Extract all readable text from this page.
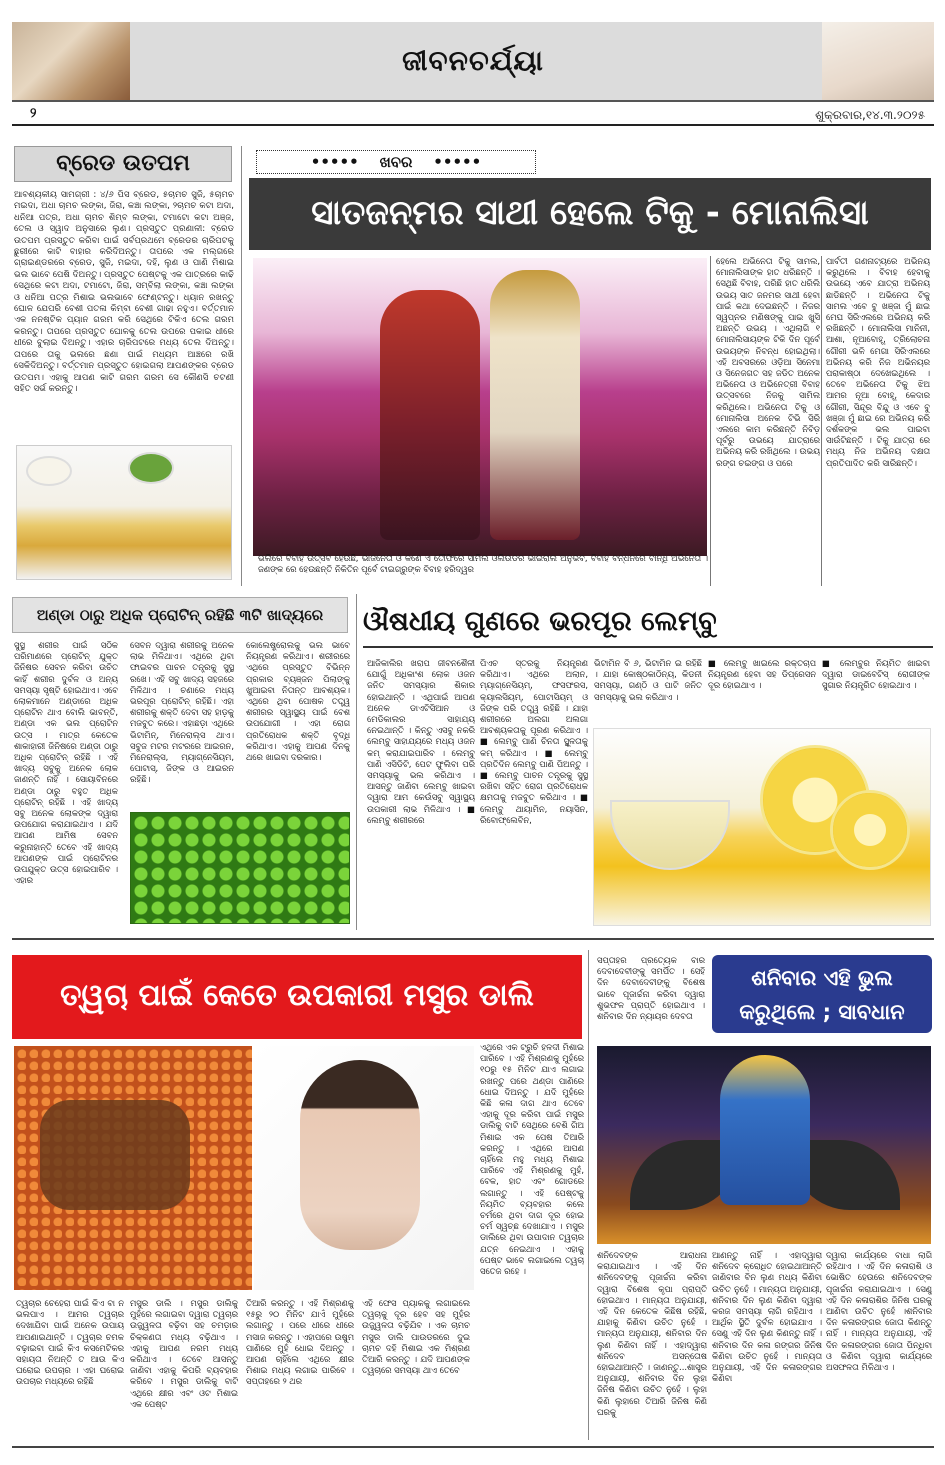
ଜୀବନଚର୍ଯ୍ୟା
୨	ଶୁକ୍ରବାର,୧୪.୩.୨୦୨୫
ବ୍ରେଡ ଉତପମ
ଆବଶ୍ୟକୀୟ ସାମଗ୍ରୀ : ୪/୬ ପିସ ବ୍ରେଡ, ୫ଚାମଚ ସୁଜି, ୫ଚାମଚ ମଇଦା, ଅଧା ଚାମଚ ଲଙ୍କା, ଜିରା, କଞ୍ଚା ଲଙ୍କା, ୨ଚାମଚ କଟା ଅଦା, ଧନିଆ ପତ୍ର, ଅଧା ଚାମଚ ଶିମ୍ବ ଲଙ୍କା, ଟମାଟୋ କଟା ଅଞ୍ଜ, ତେଲ ଓ ସ୍ୱାଦ ଅନୁସାରେ ଲୁଣ। ପ୍ରସ୍ତୁତ ପ୍ରଣାଳୀ: ବ୍ରେଡ ଉତପମ ପ୍ରସ୍ତୁତ କରିବା ପାଇଁ ସର୍ବପ୍ରଥମେ ବ୍ରେଡର ଚାରିପଟକୁ ଛୁରୀରେ କାଟି ବାହାର କରିଦିଅନ୍ତୁ। ତାପରେ ଏକ ମଲ୍ଗରେ ଗ୍ରାଇଣ୍ଡରରେ ବ୍ରେଡ, ସୁଜି, ମଇଦା, ଦହି, ଲୁଣ ଓ ପାଣି ମିଶାଇ ଭଲ ଭାବେ ପେଷି ଦିଅନ୍ତୁ। ପ୍ରସ୍ତୁତ ପେଷ୍ଟକୁ ଏକ ପାତ୍ରରେ କାଢି ସେଥିରେ କଟା ଅଦା, ଟମାଟୋ, ଜିରା, ସମ୍ବିଲା ଲଙ୍କା, କଞ୍ଚା ଲଙ୍କା ଓ ଧନିଆ ପତ୍ର ମିଶାଇ ଭଲଭାବେ ଫେଣ୍ଟନ୍ତୁ। ଧ୍ୟାନ ରଖନ୍ତୁ ଘୋଳ ଯେପରି ବେଶୀ ପତଳା କିମ୍ବା ବେଶୀ ଗାଢା ନହୁଏ। ବର୍ତ୍ତମାନ ଏକ ନନଷ୍ଟିକ ପ୍ୟାନ ଗରମ କରି ସେଥିରେ ଟିକିଏ ତେଲ ଗରମ କରନ୍ତୁ। ତାପରେ ପ୍ରସ୍ତୁତ ଘୋଳକୁ ତେଲ ଉପରେ ପକାଇ ଧୀରେ ଧୀରେ ବୁଲାଇ ଦିଅନ୍ତୁ। ଏହାର ଚାରିପଟରେ ମଧ୍ୟ ତେଲ ଦିଅନ୍ତୁ। ତାପରେ ତାକୁ ଭଲରେ ଛଣା ପାଇଁ ମଧ୍ୟମ ଆଞ୍ଚରେ ରଖି ସେକିଦିଅନ୍ତୁ। ବର୍ତ୍ତମାନ ପ୍ରସ୍ତୁତ ହୋଇଗଲା ଆପଣଙ୍କର ବ୍ରେଡ ଉତପମ। ଏହାକୁ ଆପଣ କାଟି ଗରମ ଗରମ ସେ କୌଣସି ଚଟଣୀ ସହିତ ସର୍ଭ କରନ୍ତୁ।
•••••    ଖବର    •••••
ସାତଜନ୍ମର ସାଥୀ ହେଲେ ଟିକୁ - ମୋନାଲିସା
ଭଲିରେ ବିବାହ ଉତ୍ସବ ହେଉଛି, ଭାଜନେତା ଓ କଣେ ଏ ତୌଫିରେ ସାମିଲ ଓଲିଉଡର ଭାଇରାଲ ଅନୁଭବ, ବିବାହ ବନ୍ଧନରେ ବାନ୍ଧି ଅଭିନେତା । ଜଣଙ୍କ ରେ ହେଉଛନ୍ତି ନିକିତିନ ପୂର୍ବେ ଟାଇଗ୍ରୁଙ୍କ ବିବାହ ହରିଦ୍ୱର
ହେଲେ ଅଭିନେତା ଟିକୁ ସାମଲ, ମୋନାଲିସାଙ୍କ ହାତ ଧରିଛନ୍ତି । ସେଥିଛି ବିବାହ, ପରିଛି ହାତ ଧରିଲି ଉଭୟ ସାତ ଜନମର ସାଥୀ ହେବା ପାଇଁ କଥା ଦେଇଛନ୍ତି । ନିଜର ସ୍ୱପ୍ନର ମଣିଷଙ୍କୁ ପାଇ ଖୁସି ଅଛନ୍ତି ଉଭୟ । ଏଥିଲାଗି ୧ ମୋନାଲିସାୟଙ୍କ ଟିକି ଦିନ ପୂର୍ବେ ଉଭୟଙ୍କ ନିବନ୍ଧ ହୋଇଥିଲା। ଏହି ଅବସରରେ ଓଡ଼ିଆ ସିନେମା ଓ ସିନେଜଗତ ସହ ଜଡିତ ଅନେକ ଅଭିନେତା ଓ ଅଭିନେତ୍ରୀ ବିବାହ ଉତ୍ସବରେ ନିଜକୁ ସାମିଲ କରିଥିଲେ। ଅଭିନେତା ଟିକୁ ଓ ମୋନାଲିସା ଅନେକ ଟିଭି ସିରି ଏଲରେ କାମ କରିଛନ୍ତି ନିବିଡ଼ ପୂର୍ବରୁ ଉଭୟେ ଯାତ୍ରାରେ ଅଭିନୟ କରି ରଖିଥିଲେ । ଉଭୟ ରଙ୍ଗ ଚଇଙ୍ଗ ଓ ପରେ
ପାର୍ବତୀ ଗଣନାଟ୍ୟରେ ଅଭିନୟ କରୁଥିଲେ । ବିବାହ ହେବାକୁ ଉଭୟେ ଏବେ ଯାତ୍ରା ଅଭିନୟ ଛାଡିଛନ୍ତି । ଅଭିନେତା ଟିକୁ ସାମଲ ଏବେ ବୁ ଖଞ୍ଜା ମୁଁ ଛାଇ ମେଘ ସିରିଏଲରେ ଅଭିନୟ କରି ରଖିଛନ୍ତି । ମୋନାଲିସା ମାନିନୀ, ଆଶା, ନୂଆବୋହୂ, ତ୍ରିଲୋଚନା ଗୌରୀ ଭଳି ମେଗା ସିରିଏଲରେ ଅଭିନୟ କରି ନିଜ ଅଭିନୟର ପରାକାଷ୍ଠା ଦେଖେଇଥିଲେ । ତେବେ ଅଭିନେତା ଟିକୁ ଝିଅ ଆମର ନୂଆ ବୋହୂ, କେଦାର ଗୌରୀ, ସିନ୍ଦୂର ବିନ୍ଦୁ ଓ ଏବେ ବୁ ଖଞ୍ଜା ମୁଁ ଛାଇ ରେ ଅଭିନୟ କରି ଦର୍ଶକଙ୍କ ଭଲ ପାଇବା ସାଉଁଟିଛନ୍ତି । ଟିକୁ ଯାତ୍ରା ରେ ମଧ୍ୟ ନିଜ ଅଭିନୟ ଦକ୍ଷତା ପ୍ରତିପାଦିତ କରି ସାରିଛନ୍ତି।
ଅଣ୍ଡା ଠାରୁ ଅଧିକ ପ୍ରୋଟିନ୍ ରହିଛି ୩ଟି ଖାଦ୍ୟରେ
ସୁସ୍ଥ ଶରୀର ପାଇଁ ସଠିକ ପରିମାଣରେ ପ୍ରୋଟିନ୍ ଯୁକ୍ତ ଜିନିଷର ସେବନ କରିବା ଉଚିତ କାହିଁ ଶରୀର ଦୁର୍ବଳ ଓ ଅନ୍ୟ ସମସ୍ୟା ସୃଷ୍ଟି ହୋଇଥାଏ। ଏବେ ଲୋକମାନେ ଅଣ୍ଡାରେ ଅଧିକ ପ୍ରୋଟିନ ଥାଏ ବୋଲି ଭାବନ୍ତି, ଅଣ୍ଡା ଏକ ଭଲ ପ୍ରୋଟିନ ଉତ୍ସ । ମାତ୍ର କେତେକ ଶାକାହାରୀ ଜିନିଷରେ ଅଣ୍ଡା ଠାରୁ ଅଧିକ ପ୍ରୋଟିନ୍ ରହିଛି । ଏହି ଖାଦ୍ୟ ସବୁକୁ ଅନେକ ଲୋକ ଜାଣନ୍ତି ନାହିଁ । ସୋୟାବିନରେ ଅଣ୍ଡା ଠାରୁ ବହୁତ ଅଧିକ ପ୍ରୋଟିନ୍ ରହିଛି । ଏହି ଖାଦ୍ୟ ସବୁ ଅନେକ ଲୋକଙ୍କ ଦ୍ୱାରା ଉପଯୋଗ କରାଯାଇଥାଏ । ଯଦି ଆପଣ ଆମିଷ ସେବନ କରୁନାହାନ୍ତି ତେବେ ଏହି ଖାଦ୍ୟ ଆପଣଙ୍କ ପାଇଁ ପ୍ରୋଟିନର ଉପଯୁକ୍ତ ଉତ୍ସ ହୋଇପାରିବ । ଏହାର
ସେବନ ଦ୍ୱାରା ଶରୀରକୁ ଅନେକ ଲାଭ ମିଳିଥାଏ। ଏଥିରେ ଥିବା ଫାଇବର ପାଚନ ତନ୍ତ୍ରକୁ ସୁସ୍ଥ ରଖେ। ଏହି ସବୁ ଖାଦ୍ୟ ସହଜରେ ମିଳିଥାଏ । ଚଣାରେ ମଧ୍ୟ ଭରପୂର ପ୍ରୋଟିନ୍ ରହିଛି। ଏହା ଶରୀରକୁ ଶକ୍ତି ଦେବା ସହ ହାଡ଼କୁ ମଜବୁତ କରେ। ଏହାଛଡ଼ା ଏଥିରେ ଭିଟାମିନ୍, ମିନେରାଲ୍ସ ଥାଏ। ସବୁଜ ମଟର ମଟରରେ ଆଇରନ, ମିନେରାଲ୍ସ, ମ୍ୟାଗ୍ନେସିୟମ, ପୋଟାସ୍, ଜିଙ୍କ ଓ ଆଇରନ ରହିଛି।
କୋଲେଷ୍ଟ୍ରୋଲକୁ ଭଲ ଭାବେ ନିୟନ୍ତ୍ରଣ କରିଥାଏ। ଶରୀରରେ ଏଥିରେ ପ୍ରସ୍ତୁତ ବିଭିନ୍ନ ପ୍ରକାର ବ୍ୟଞ୍ଜନ ପିଲାଙ୍କୁ ଖୁଆଇବା ନିତାନ୍ତ ଆବଶ୍ୟକ। ଏଥିରେ ଥିବା ପୋଷକ ତତ୍ତ୍ୱ ଶରୀରର ସ୍ୱାସ୍ଥ୍ୟ ପାଇଁ ବେଶ ଉପଯୋଗୀ । ଏହା ରୋଗ ପ୍ରତିରୋଧକ ଶକ୍ତି ବୃଦ୍ଧି କରିଥାଏ। ଏହାକୁ ଆପଣ ଦିନକୁ ଥରେ ଖାଇବା ଦରକାର।
ଔଷଧୀୟ ଗୁଣରେ ଭରପୂର ଲେମ୍ବୁ
ଆଜିକାଲିର ଖରାପ ଜୀବନଶୈଳୀ ଯୋଗୁଁ ଅଧିକାଂଶ ଲୋକ ଓଜନ ଜନିତ ସମସ୍ୟାର ଶିକାର ହୋଇଥାନ୍ତି । ଏଥିପାଇଁ ଆପଣ ଅନେକ ଡାଏଟିସିଆନ ଓ ମେଡିକାଲର ସାହାଯ୍ୟ ନେଇଥାନ୍ତି । କିନ୍ତୁ ଏସବୁ ନକରି ଲେମ୍ବୁ ସାହାଯ୍ୟରେ ମଧ୍ୟ ଓଜନ କମ୍ କରାଯାଇପାରିବ । ଲେମ୍ବୁ ପାଣି ଏସିଡିଟି, ପେଟ ଫୁଲିବା ପରି ସମସ୍ୟାକୁ ଭଲ କରିଥାଏ । ଆସନ୍ତୁ ଜାଣିବା ଲେମ୍ବୁ ଖାଇବା ଦ୍ୱାରା ଆମ କେଉଁସବୁ ସ୍ୱାସ୍ଥ୍ୟ ଉପକାରୀ ଲାଭ ମିଳିଥାଏ । ■ ଲେମ୍ବୁ ଶରୀରରେ
ପିଏଚ ସ୍ତରକୁ ନିୟନ୍ତ୍ରଣ କରିଥାଏ। ଏଥିରେ ଅଲାନ, ମ୍ୟାଗ୍ନେସିୟମ୍, ଫସଫରସ, କ୍ୟାଲସିୟମ୍, ପୋଟାସିୟମ୍ ଓ ଜିଙ୍କ ପରି ତତ୍ତ୍ୱ ରହିଛି । ଯାହା ଶରୀରରେ ଅଲଗା ଅଲଗା ଆବଶ୍ୟକତାକୁ ପୂରଣ କରିଥାଏ । ■ ଲେମ୍ବୁ ପାଣି ଚିନତା ସ୍ଥୂଳତାକୁ କମ୍ କରିଥାଏ । ■ ଲେମ୍ବୁ ପ୍ରତିଦିନ ଲେମ୍ବୁ ପାଣି ପିଅନ୍ତୁ । ■ ଲେମ୍ବୁ ପାଚନ ତନ୍ତ୍ରକୁ ସୁସ୍ଥ ରଖିବା ସହିତ ରୋଗ ପ୍ରତିରୋଧକ କ୍ଷମତାକୁ ମଜବୁତ କରିଥାଏ । ■ ଲେମ୍ବୁ ଥାୟାମିନ, ନୟାସିନ, ରିବୋଫ୍ଲେବିନ,
ଭିଟାମିନ ବି ୬, ଭିଟାମିନ ଇ ରହିଛି । ଯାହା କୋଷ୍ଠକାଠିନ୍ୟ, କିଡନୀ ସମସ୍ୟା, ଗଣ୍ଠି ଓ ପାଟି ଜନିତ ସମସ୍ୟାକୁ ଭଲ କରିଥାଏ ।
■ ଲେମ୍ବୁ ଖାଇଲେ ରକ୍ତଚାପ ନିୟନ୍ତ୍ରଣ ହେବା ସହ ଡିପ୍ରେସନ ଦୂର ହୋଇଥାଏ ।
■ ଲେମ୍ବୁର ନିୟମିତ ଖାଇବା ଦ୍ୱାରା ଡାଇବେଟିସ୍ ରୋଗୀଙ୍କ ସୁଗାର ନିୟନ୍ତ୍ରିତ ହୋଇଥାଏ ।
ତ୍ୱଚା ପାଇଁ କେତେ ଉପକାରୀ ମସୁର ଡାଲି
ଏଥିରେ ଏକ ଟ୍ରୁଚି ହଳଦୀ ମିଶାଇ ପାରିବେ । ଏହି ମିଶ୍ରଣକୁ ମୁହଁରେ ୧୦ରୁ ୧୫ ମିନିଟ ଯାଏ ଲଗାଇ ରଖନ୍ତୁ ପରେ ଥଣ୍ଡା ପାଣିରେ ଧୋଇ ଦିଅନ୍ତୁ । ଯଦି ମୁହଁରେ କିଛି କଳା ଦାଗ ଥାଏ ତେବେ ଏହାକୁ ଦୂର କରିବା ପାଇଁ ମସୁର ଡାଲିକୁ ବାଟି ସେଥିରେ ବେଶି ଗିଅ ମିଶାଇ ଏକ ପେଷ ତିଆରି କରନ୍ତୁ । ଏଥିରେ ଆପଣ ଚାହିଁଲେ ମହୁ ମଧ୍ୟ ମିଶାଇ ପାରିବେ ଏହି ମିଶ୍ରଣକୁ ମୁହଁ, ବେକ, ହାତ ଏବଂ ଗୋଡରେ ଲଗାନ୍ତୁ । ଏହି ପେଷ୍ଟକୁ ନିୟମିତ ବ୍ୟବହାର କଲେ ଚର୍ମରେ ଥିବା ଦାଗ ଦୂର ହୋଇ ଚର୍ମ ସ୍ୱଚ୍ଛ ଦେଖାଯାଏ । ମସୁର ଡାଲିରେ ଥିବା ଉପାଦାନ ତ୍ୱଚାର ଯତ୍ନ ନେଇଥାଏ । ଏହାକୁ ପେଷ୍ଟ ଭାବେ ଲଗାଇଲେ ତ୍ୱଚା ସତେଜ ରହେ ।
ତ୍ୱଚାର ଚେହେରା ପାଇଁ କିଏ ବା ନ ଭଲପାଏ । ଆମର ତ୍ୱଚାର ଦେଖାଯିବା ପାଇଁ ଅନେକ ଉପାୟ ଆପଣାଇଥାନ୍ତି । ତ୍ୱଚାର ଚମକ ବଢ଼ାଇବା ପାଇଁ କିଏ କସମେଟିକର ସହାୟତା ନିଅନ୍ତି ତ ଆଉ କିଏ ଘରୋଇ ଉପଚାର । ଏହା ଘରୋଇ ଉପଚାର ମଧ୍ୟରେ ରହିଛି
ମସୁର ଡାଲି । ମସୁର ଡାଲିକୁ ମୁହଁରେ ଲଗାଇବା ଦ୍ୱାରା ତ୍ୱଚାର ଉଜ୍ଜ୍ୱଳତା ବଢ଼ିବା ସହ ଚମଡ଼ାର ଚିକ୍କଣତା ମଧ୍ୟ ବଢ଼ିଥାଏ । ଏହାକୁ ଆପଣ ନରମ ମଧ୍ୟ କରିଥାଏ । ତେବେ ଆସନ୍ତୁ ଜାଣିବା ଏହାକୁ କିପରି ବ୍ୟବହାର କରିବେ । ମସୁର ଡାଲିକୁ ବାଟି ଏଥିରେ କ୍ଷୀର ଏବଂ ଓଟ ମିଶାଇ ଏକ ପେଷ୍ଟ
ତିଆରି କରନ୍ତୁ । ଏହି ମିଶ୍ରଣକୁ ୧୫ରୁ ୨୦ ମିନିଟ ଯାଏଁ ମୁହଁରେ ଲଗାନ୍ତୁ । ପରେ ଧୀରେ ଧୀରେ ମସାଜ କରନ୍ତୁ । ଏହାପରେ ଉଷୁମ ପାଣିରେ ମୁହଁ ଧୋଇ ଦିଅନ୍ତୁ । ଆପଣ ଚାହିଁଲେ ଏଥିରେ କ୍ଷୀର ମିଶାଇ ମଧ୍ୟ ଲଗାଇ ପାରିବେ । ସପ୍ତାହରେ ୨ ଥର
ଏହି ଫେସ ପ୍ୟାକକୁ ଲଗାଇଲେ ତ୍ୱଚାକୁ ଦୂର ହେବ ସହ ମୁହଁର ଉଜ୍ଜ୍ୱଳତା ବଢ଼ିଯିବ । ଏକ ଚାମଚ ମସୁର ଡାଲି ପାଉଡରରେ ଦୁଇ ଚାମଚ ଦହି ମିଶାଇ ଏକ ମିଶ୍ରଣ ତିଆରି କରନ୍ତୁ । ଯଦି ଆପଣଙ୍କ ତ୍ୱଚାରେ ସମସ୍ୟା ଥାଏ ତେବେ
ସପ୍ତାହର ପ୍ରତ୍ୟେକ ବାର ଦେବାଦେବୀଙ୍କୁ ସମର୍ପିତ । ସେହି ଦିନ ଦେବାଦେବୀଙ୍କୁ ବିଶେଷ ଭାବେ ପୂଜାର୍ଚ୍ଚନା କରିବା ଦ୍ୱାରା ଶୁଭଫଳ ପ୍ରାପ୍ତି ହୋଇଥାଏ । ଶନିବାର ଦିନ ନ୍ୟାୟର ଦେବତା
ଶନିବାର ଏହି ଭୁଲ କରୁଥିଲେ ; ସାବଧାନ
ଶନିଦେବଙ୍କ ଆରାଧନା କରାଯାଇଥାଏ । ଏହି ଦିନ ଶନିଦେବଙ୍କୁ ପୂଜାର୍ଚ୍ଚନା କରିବା ଦ୍ୱାରା ବିଶେଷ କୃପା ପ୍ରାପ୍ତି ହୋଇଥାଏ । ମାନ୍ୟତା ଅନୁଯାୟୀ, ଏହି ଦିନ କେତେକ କିଛିଷ ରହିଛି, ଯାହାକୁ କିଣିବା ଉଚିତ ନୁହେଁ । ମାନ୍ୟତା ଅନୁଯାୟୀ, ଶନିବାର ଦିନ ଲୁଣ କିଣିବା ନାହିଁ । ଏହାଦ୍ୱାରା ଶନିଦେବ ଅସନ୍ତୋଷ ହୋଇଥାଆନ୍ତି । ଜାଣନ୍ତୁ...ଶାସ୍ତ୍ର ଅନୁଯାୟୀ, ଶନିବାର ଦିନ ଲୁହା ଜିନିଷ କିଣିବା ଉଚିତ ନୁହେଁ । ଲୁହା କିଣି ଲୁହାରେ ତିଆରି ଜିନିଷ କିଣି ଘରକୁ
ଆଣନ୍ତୁ ନାହିଁ । ଏହାଦ୍ୱାରା ଶନିଦେବ କ୍ରୋଧିତ ହୋଇଥାଆନ୍ତି ଜାଣିବାର ବିନ ଲୁଣ ମଧ୍ୟ କିଣିବା ଉଚିତ ନୁହେଁ । ମାନ୍ୟତା ଅନୁଯାୟୀ, ଶନିବାର ଦିନ ଲୁଣ କିଣିବା ଦ୍ୱାରା କରଜ ସମସ୍ୟା ଲାଗି ରହିଥାଏ । ଆର୍ଥିକ ସ୍ଥିତି ଦୁର୍ବଳ ହୋଇଯାଏ । ସେଣୁ ଏହି ଦିନ ଲୁଣ କିଣନ୍ତୁ ନାହିଁ ।ଶନିବାର ଦିନ କଳା ରଙ୍ଗର ଜିନିଷ କିଣିବା ଉଚିତ ନୁହେଁ । ମାନ୍ୟତା ଅନୁଯାୟୀ, ଏହି ଦିନ କଳାରଙ୍ଗର କିଣିବା
ଦ୍ୱାରା କାର୍ଯ୍ୟରେ ବାଧା ଲାଗି ରହିଥାଏ । ଏହି ଦିନ କଳାରାଶି ଓ ଭୋଷିତ ହେଉରେ ଶନିଦେବଙ୍କ ପୂଜାର୍ଚ୍ଚନା କରାଯାଇଥାଏ । ସେଣୁ ଏହି ଦିନ କଳାରାଶିର ଜିନିଷ ଘରକୁ ଆଣିବା ଉଚିତ ନୁହେଁ ।ଶନିବାର ଦିନ କଳାରଙ୍ଗର ଜୋତା କିଣନ୍ତୁ ନାହିଁ । ମାନ୍ୟତା ଅନୁଯାୟୀ, ଏହି ଦିନ କଳାରଙ୍ଗର ଜୋତା ପିନ୍ଧିବା ଓ କିଣିବା ଦ୍ୱାରା କାର୍ଯ୍ୟରେ ଅସଫଳତା ମିଳିଥାଏ ।
